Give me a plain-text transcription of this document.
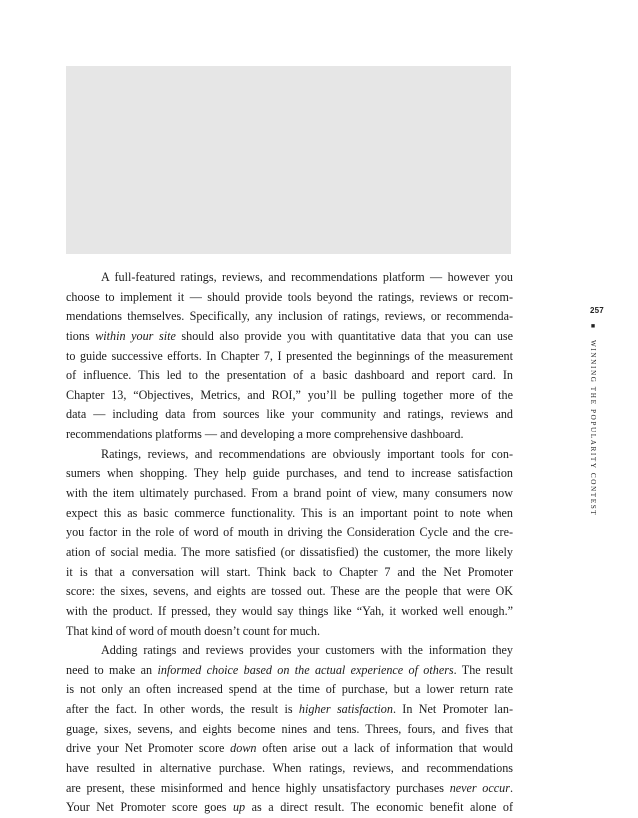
A full-featured ratings, reviews, and recommendations platform — however you
choose to implement it — should provide tools beyond the ratings, reviews or recom-
mendations themselves. Specifically, any inclusion of ratings, reviews, or recommenda-
tions within your site should also provide you with quantitative data that you can use
to guide successive efforts. In Chapter 7, I presented the beginnings of the measurement
of influence. This led to the presentation of a basic dashboard and report card. In
Chapter 13, “Objectives, Metrics, and ROI,” you’ll be pulling together more of the
data — including data from sources like your community and ratings, reviews and
recommendations platforms — and developing a more comprehensive dashboard.
Ratings, reviews, and recommendations are obviously important tools for con-
sumers when shopping. They help guide purchases, and tend to increase satisfaction
with the item ultimately purchased. From a brand point of view, many consumers now
expect this as basic commerce functionality. This is an important point to note when
you factor in the role of word of mouth in driving the Consideration Cycle and the cre-
ation of social media. The more satisfied (or dissatisfied) the customer, the more likely
it is that a conversation will start. Think back to Chapter 7 and the Net Promoter
score: the sixes, sevens, and eights are tossed out. These are the people that were OK
with the product. If pressed, they would say things like “Yah, it worked well enough.”
That kind of word of mouth doesn’t count for much.
Adding ratings and reviews provides your customers with the information they
need to make an informed choice based on the actual experience of others. The result
is not only an often increased spend at the time of purchase, but a lower return rate
after the fact. In other words, the result is higher satisfaction. In Net Promoter lan-
guage, sixes, sevens, and eights become nines and tens. Threes, fours, and fives that
drive your Net Promoter score down often arise out a lack of information that would
have resulted in alternative purchase. When ratings, reviews, and recommendations
are present, these misinformed and hence highly unsatisfactory purchases never occur.
Your Net Promoter score goes up as a direct result. The economic benefit alone of
257
■ WINNING THE POPULARITY CONTEST
